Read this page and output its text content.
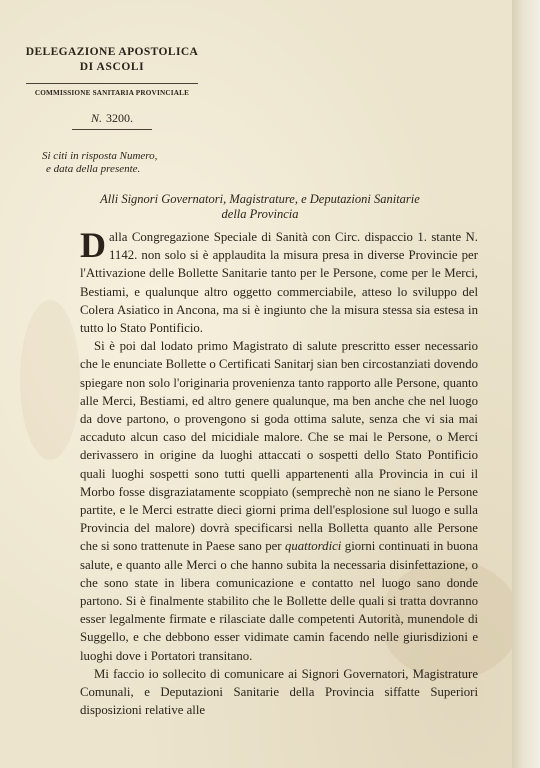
DELEGAZIONE APOSTOLICA
DI ASCOLI
COMMISSIONE SANITARIA PROVINCIALE
N. 3200.
Si citi in risposta Numero,
e data della presente.
Alli Signori Governatori, Magistrature, e Deputazioni Sanitarie
della Provincia

Dalla Congregazione Speciale di Sanità con Circ. dispaccio 1. stante N. 1142. non solo si è applaudita la misura presa in diverse Provincie per l'Attivazione delle Bollette Sanitarie tanto per le Persone, come per le Merci, Bestiami, e qualunque altro oggetto commerciabile, atteso lo sviluppo del Colera Asiatico in Ancona, ma si è ingiunto che la misura stessa sia estesa in tutto lo Stato Pontificio.

Si è poi dal lodato primo Magistrato di salute prescritto esser necessario che le enunciate Bollette o Certificati Sanitarj sian ben circostanziati dovendo spiegare non solo l'originaria provenienza tanto rapporto alle Persone, quanto alle Merci, Bestiami, ed altro genere qualunque, ma ben anche che nel luogo da dove partono, o provengono si goda ottima salute, senza che vi sia mai accaduto alcun caso del micidiale malore. Che se mai le Persone, o Merci derivassero in origine da luoghi attaccati o sospetti dello Stato Pontificio quali luoghi sospetti sono tutti quelli appartenenti alla Provincia in cui il Morbo fosse disgraziatamente scoppiato (semprechè non ne siano le Persone partite, e le Merci estratte dieci giorni prima dell'esplosione sul luogo e sulla Provincia del malore) dovrà specificarsi nella Bolletta quanto alle Persone che si sono trattenute in Paese sano per quattordici giorni continuati in buona salute, e quanto alle Merci o che hanno subita la necessaria disinfettazione, o che sono state in libera comunicazione e contatto nel luogo sano donde partono. Si è finalmente stabilito che le Bollette delle quali si tratta dovranno esser legalmente firmate e rilasciate dalle competenti Autorità, munendole di Suggello, e che debbono esser vidimate camin facendo nelle giurisdizioni e luoghi dove i Portatori transitano.

Mi faccio io sollecito di comunicare ai Signori Governatori, Magistrature Comunali, e Deputazioni Sanitarie della Provincia siffatte Superiori disposizioni relative alle
